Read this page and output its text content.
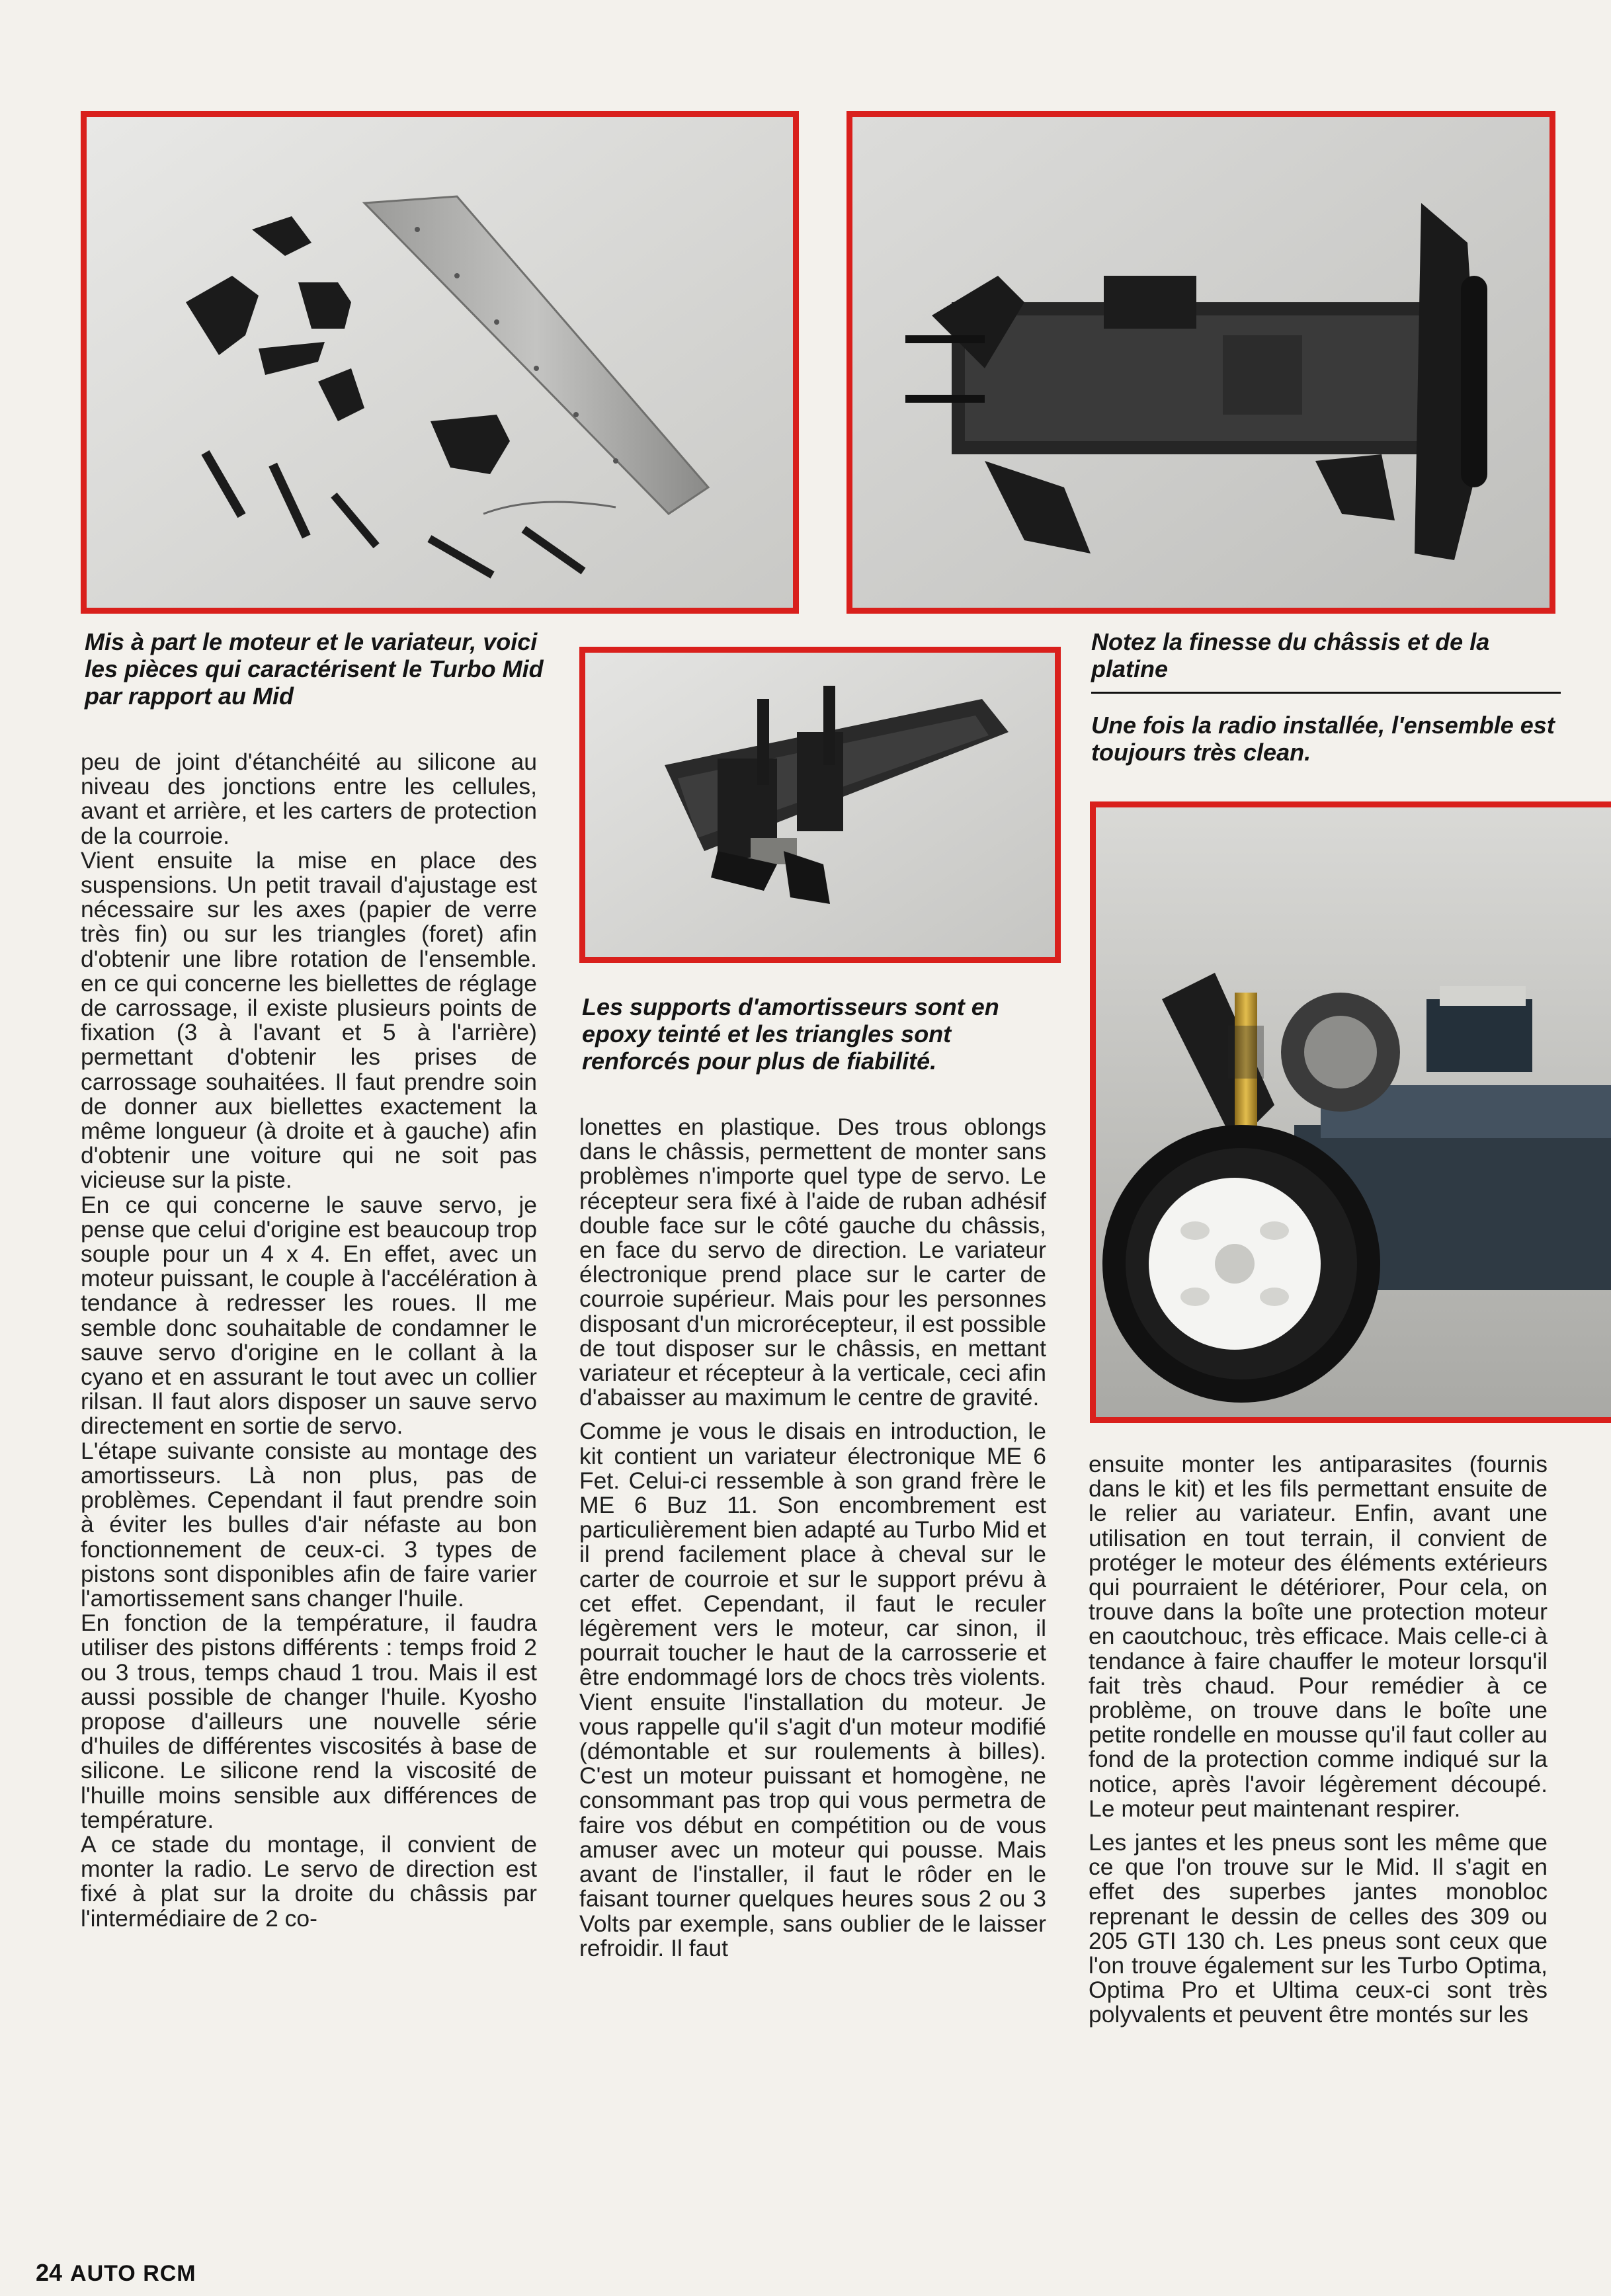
Mis à part le moteur et le variateur, voici les pièces qui caractérisent le Turbo Mid par rapport au Mid
Notez la finesse du châssis et de la platine
Une fois la radio installée, l'ensemble est toujours très clean.
Les supports d'amortisseurs sont en epoxy teinté et les triangles sont renforcés pour plus de fiabilité.

peu de joint d'étanchéité au silicone au niveau des jonctions entre les cellules, avant et arrière, et les carters de protection de la courroie.

Vient ensuite la mise en place des suspensions. Un petit travail d'ajustage est nécessaire sur les axes (papier de verre très fin) ou sur les triangles (foret) afin d'obtenir une libre rotation de l'ensemble. en ce qui concerne les biellettes de réglage de carrossage, il existe plusieurs points de fixation (3 à l'avant et 5 à l'arrière) permettant d'obtenir les prises de carrossage souhaitées. Il faut prendre soin de donner aux biellettes exactement la même longueur (à droite et à gauche) afin d'obtenir une voiture qui ne soit pas vicieuse sur la piste.

En ce qui concerne le sauve servo, je pense que celui d'origine est beaucoup trop souple pour un 4 x 4. En effet, avec un moteur puissant, le couple à l'accélération à tendance à redresser les roues. Il me semble donc souhaitable de condamner le sauve servo d'origine en le collant à la cyano et en assurant le tout avec un collier rilsan. Il faut alors disposer un sauve servo directement en sortie de servo.

L'étape suivante consiste au montage des amortisseurs. Là non plus, pas de problèmes. Cependant il faut prendre soin à éviter les bulles d'air néfaste au bon fonctionnement de ceux-ci. 3 types de pistons sont disponibles afin de faire varier l'amortissement sans changer l'huile.

En fonction de la température, il faudra utiliser des pistons différents : temps froid 2 ou 3 trous, temps chaud 1 trou. Mais il est aussi possible de changer l'huile. Kyosho propose d'ailleurs une nouvelle série d'huiles de différentes viscosités à base de silicone. Le silicone rend la viscosité de l'huille moins sensible aux différences de température.

A ce stade du montage, il convient de monter la radio. Le servo de direction est fixé à plat sur la droite du châssis par l'intermédiaire de 2 co-

lonettes en plastique. Des trous oblongs dans le châssis, permettent de monter sans problèmes n'importe quel type de servo. Le récepteur sera fixé à l'aide de ruban adhésif double face sur le côté gauche du châssis, en face du servo de direction. Le variateur électronique prend place sur le carter de courroie supérieur. Mais pour les personnes disposant d'un microrécepteur, il est possible de tout disposer sur le châssis, en mettant variateur et récepteur à la verticale, ceci afin d'abaisser au maximum le centre de gravité.

Comme je vous le disais en introduction, le kit contient un variateur électronique ME 6 Fet. Celui-ci ressemble à son grand frère le ME 6 Buz 11. Son encombrement est particulièrement bien adapté au Turbo Mid et il prend facilement place à cheval sur le carter de courroie et sur le support prévu à cet effet. Cependant, il faut le reculer légèrement vers le moteur, car sinon, il pourrait toucher le haut de la carrosserie et être endommagé lors de chocs très violents. Vient ensuite l'installation du moteur. Je vous rappelle qu'il s'agit d'un moteur modifié (démontable et sur roulements à billes). C'est un moteur puissant et homogène, ne consommant pas trop qui vous permetra de faire vos début en compétition ou de vous amuser avec un moteur qui pousse. Mais avant de l'installer, il faut le rôder en le faisant tourner quelques heures sous 2 ou 3 Volts par exemple, sans oublier de le laisser refroidir. Il faut

ensuite monter les antiparasites (fournis dans le kit) et les fils permettant ensuite de le relier au variateur. Enfin, avant une utilisation en tout terrain, il convient de protéger le moteur des éléments extérieurs qui pourraient le détériorer, Pour cela, on trouve dans la boîte une protection moteur en caoutchouc, très efficace. Mais celle-ci à tendance à faire chauffer le moteur lorsqu'il fait très chaud. Pour remédier à ce problème, on trouve dans le boîte une petite rondelle en mousse qu'il faut coller au fond de la protection comme indiqué sur la notice, après l'avoir légèrement découpé. Le moteur peut maintenant respirer.

Les jantes et les pneus sont les même que ce que l'on trouve sur le Mid. Il s'agit en effet des superbes jantes monobloc reprenant le dessin de celles des 309 ou 205 GTI 130 ch. Les pneus sont ceux que l'on trouve également sur les Turbo Optima, Optima Pro et Ultima ceux-ci sont très polyvalents et peuvent être montés sur les

24 AUTO RCM
